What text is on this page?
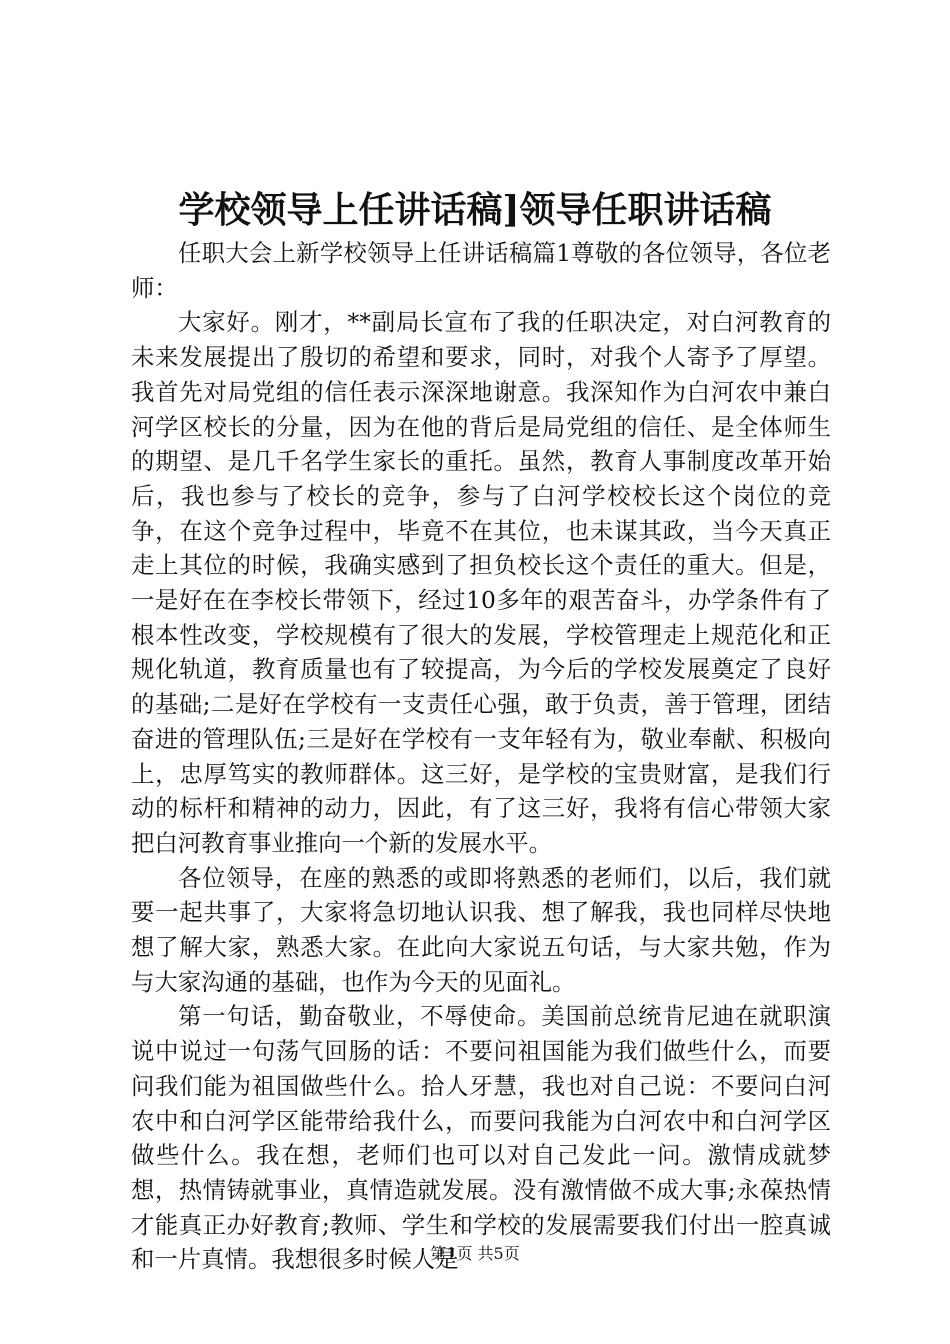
学校领导上任讲话稿]领导任职讲话稿

任职大会上新学校领导上任讲话稿篇1尊敬的各位领导，各位老师：

大家好。刚才，**副局长宣布了我的任职决定，对白河教育的未来发展提出了殷切的希望和要求，同时，对我个人寄予了厚望。我首先对局党组的信任表示深深地谢意。我深知作为白河农中兼白河学区校长的分量，因为在他的背后是局党组的信任、是全体师生的期望、是几千名学生家长的重托。虽然，教育人事制度改革开始后，我也参与了校长的竞争，参与了白河学校校长这个岗位的竞争，在这个竞争过程中，毕竟不在其位，也未谋其政，当今天真正走上其位的时候，我确实感到了担负校长这个责任的重大。但是，一是好在在李校长带领下，经过10多年的艰苦奋斗，办学条件有了根本性改变，学校规模有了很大的发展，学校管理走上规范化和正规化轨道，教育质量也有了较提高，为今后的学校发展奠定了良好的基础;二是好在学校有一支责任心强，敢于负责，善于管理，团结奋进的管理队伍;三是好在学校有一支年轻有为，敬业奉献、积极向上，忠厚笃实的教师群体。这三好，是学校的宝贵财富，是我们行动的标杆和精神的动力，因此，有了这三好，我将有信心带领大家把白河教育事业推向一个新的发展水平。

各位领导，在座的熟悉的或即将熟悉的老师们，以后，我们就要一起共事了，大家将急切地认识我、想了解我，我也同样尽快地想了解大家，熟悉大家。在此向大家说五句话，与大家共勉，作为与大家沟通的基础，也作为今天的见面礼。

第一句话，勤奋敬业，不辱使命。美国前总统肯尼迪在就职演说中说过一句荡气回肠的话：不要问祖国能为我们做些什么，而要问我们能为祖国做些什么。拾人牙慧，我也对自己说：不要问白河农中和白河学区能带给我什么，而要问我能为白河农中和白河学区做些什么。我在想，老师们也可以对自己发此一问。激情成就梦想，热情铸就事业，真情造就发展。没有激情做不成大事;永葆热情才能真正办好教育;教师、学生和学校的发展需要我们付出一腔真诚和一片真情。我想很多时候人是

第1页 共5页
